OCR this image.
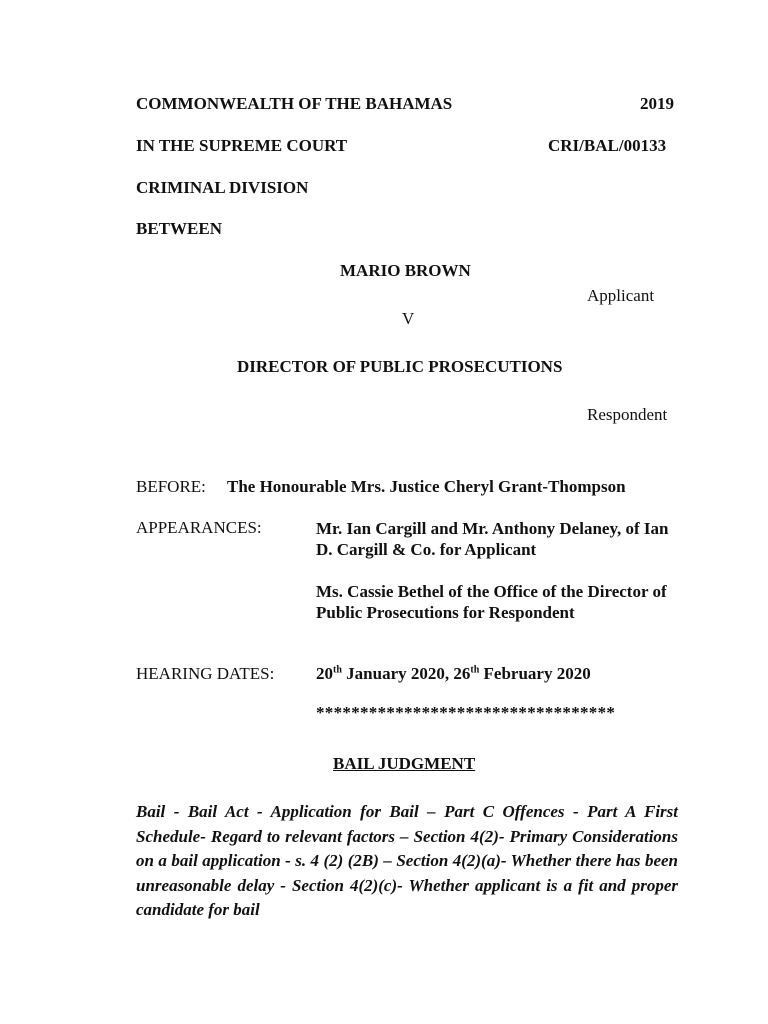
COMMONWEALTH OF THE BAHAMAS	2019
IN THE SUPREME COURT	CRI/BAL/00133
CRIMINAL DIVISION
BETWEEN
MARIO BROWN
Applicant
V
DIRECTOR OF PUBLIC PROSECUTIONS
Respondent
BEFORE: The Honourable Mrs. Justice Cheryl Grant-Thompson
APPEARANCES:	Mr. Ian Cargill and Mr. Anthony Delaney, of Ian D. Cargill & Co. for Applicant
Ms. Cassie Bethel of the Office of the Director of Public Prosecutions for Respondent
HEARING DATES: 20th January 2020, 26th February 2020
**********************************
BAIL JUDGMENT
Bail - Bail Act - Application for Bail – Part C Offences - Part A First Schedule- Regard to relevant factors – Section 4(2)- Primary Considerations on a bail application - s. 4 (2) (2B) – Section 4(2)(a)- Whether there has been unreasonable delay - Section 4(2)(c)- Whether applicant is a fit and proper candidate for bail
